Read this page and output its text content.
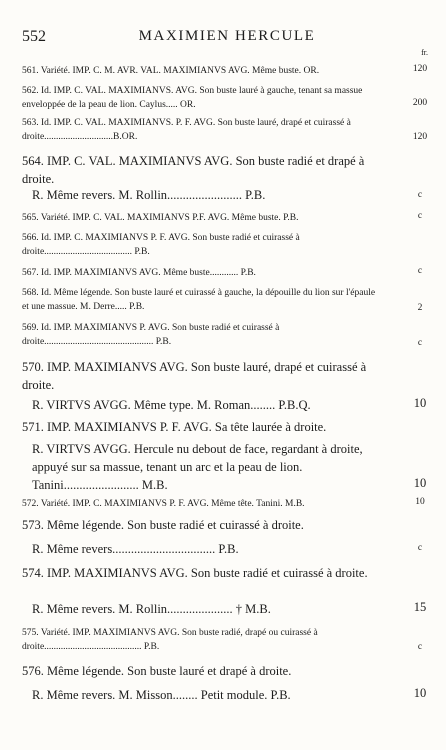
552	MAXIMIEN HERCULE
fr.
561. Variété. IMP. C. M. AVR. VAL. MAXIMIANVS AVG. Même buste. OR.	120
562. Id. IMP. C. VAL. MAXIMIANVS. AVG. Son buste lauré à gauche, tenant sa massue enveloppée de la peau de lion. Caylus..... OR.	200
563. Id. IMP. C. VAL. MAXIMIANVS. P. F. AVG. Son buste lauré, drapé et cuirassé à droite.............................B.OR.	120
564. IMP. C. VAL. MAXIMIANVS AVG. Son buste radié et drapé à droite.
R. Même revers. M. Rollin........................ P.B.	c
565. Variété. IMP. C. VAL. MAXIMIANVS P.F. AVG. Même buste. P.B.	c
566. Id. IMP. C. MAXIMIANVS P. F. AVG. Son buste radié et cuirassé à droite..................................... P.B.
567. Id. IMP. MAXIMIANVS AVG. Même buste............ P.B.	c
568. Id. Même légende. Son buste lauré et cuirassé à gauche, la dépouille du lion sur l'épaule et une massue. M. Derre..... P.B.	2
569. Id. IMP. MAXIMIANVS P. AVG. Son buste radié et cuirassé à droite.............................................. P.B.	c
570. IMP. MAXIMIANVS AVG. Son buste lauré, drapé et cuirassé à droite.
R. VIRTVS AVGG. Même type. M. Roman........ P.B.Q.	10
571. IMP. MAXIMIANVS P. F. AVG. Sa tête laurée à droite.
R. VIRTVS AVGG. Hercule nu debout de face, regardant à droite, appuyé sur sa massue, tenant un arc et la peau de lion. Tanini........................ M.B.	10
572. Variété. IMP. C. MAXIMIANVS P. F. AVG. Même tête. Tanini. M.B.	10
573. Même légende. Son buste radié et cuirassé à droite.
R. Même revers................................. P.B.	c
574. IMP. MAXIMIANVS AVG. Son buste radié et cuirassé à droite.
R. Même revers. M. Rollin..................... † M.B.	15
575. Variété. IMP. MAXIMIANVS AVG. Son buste radié, drapé ou cuirassé à droite......................................... P.B.	c
576. Même légende. Son buste lauré et drapé à droite.
R. Même revers. M. Misson........ Petit module. P.B.	10
